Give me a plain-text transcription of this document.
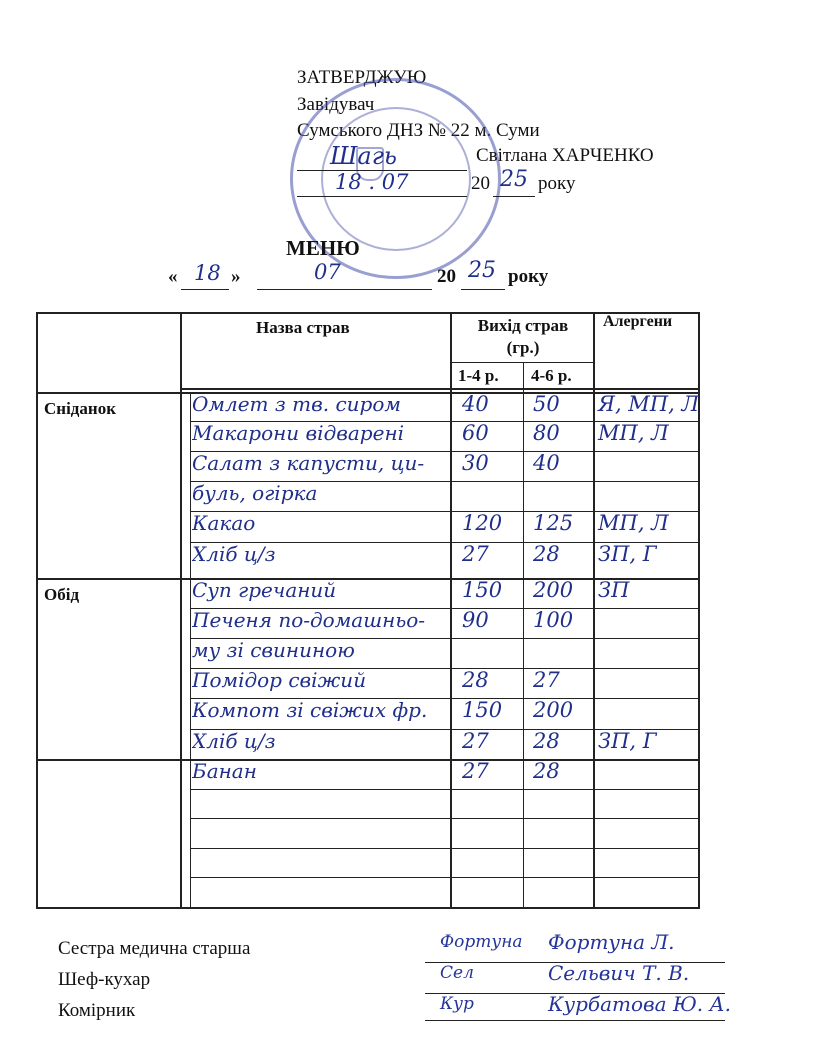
ЗАТВЕРДЖУЮ
Завідувач
Сумського ДНЗ № 22 м. Суми
Шагь	Світлана ХАРЧЕНКО
18 . 07	20 25 року
МЕНЮ
« 18 »	07	20 25 року
Назва страв	Вихід страв (гр.)
Алергени
1-4 р. 4-6 р.
Сніданок	Омлет з тв. сиром	40 50 Я, МП, Л
Макарони відварені	60 80 МП, Л
Салат з капусти, ци- 30 40
буль, огірка
Какао	120 125 МП, Л
Хліб ц/з	27 28 ЗП, Г
Обід	Суп гречаний	150 200 ЗП
Печеня по-домашньо- 90 100
му зі свининою
Помідор свіжий	28 27
Компот зі свіжих фр. 150 200
Хліб ц/з	27 28 ЗП, Г
Банан	27 28
Сестра медична старша	Фортуна Фортуна Л.
Шеф-кухар	Сел	Сельвич Т. В.
Комірник	Кур	Курбатова Ю. А.
